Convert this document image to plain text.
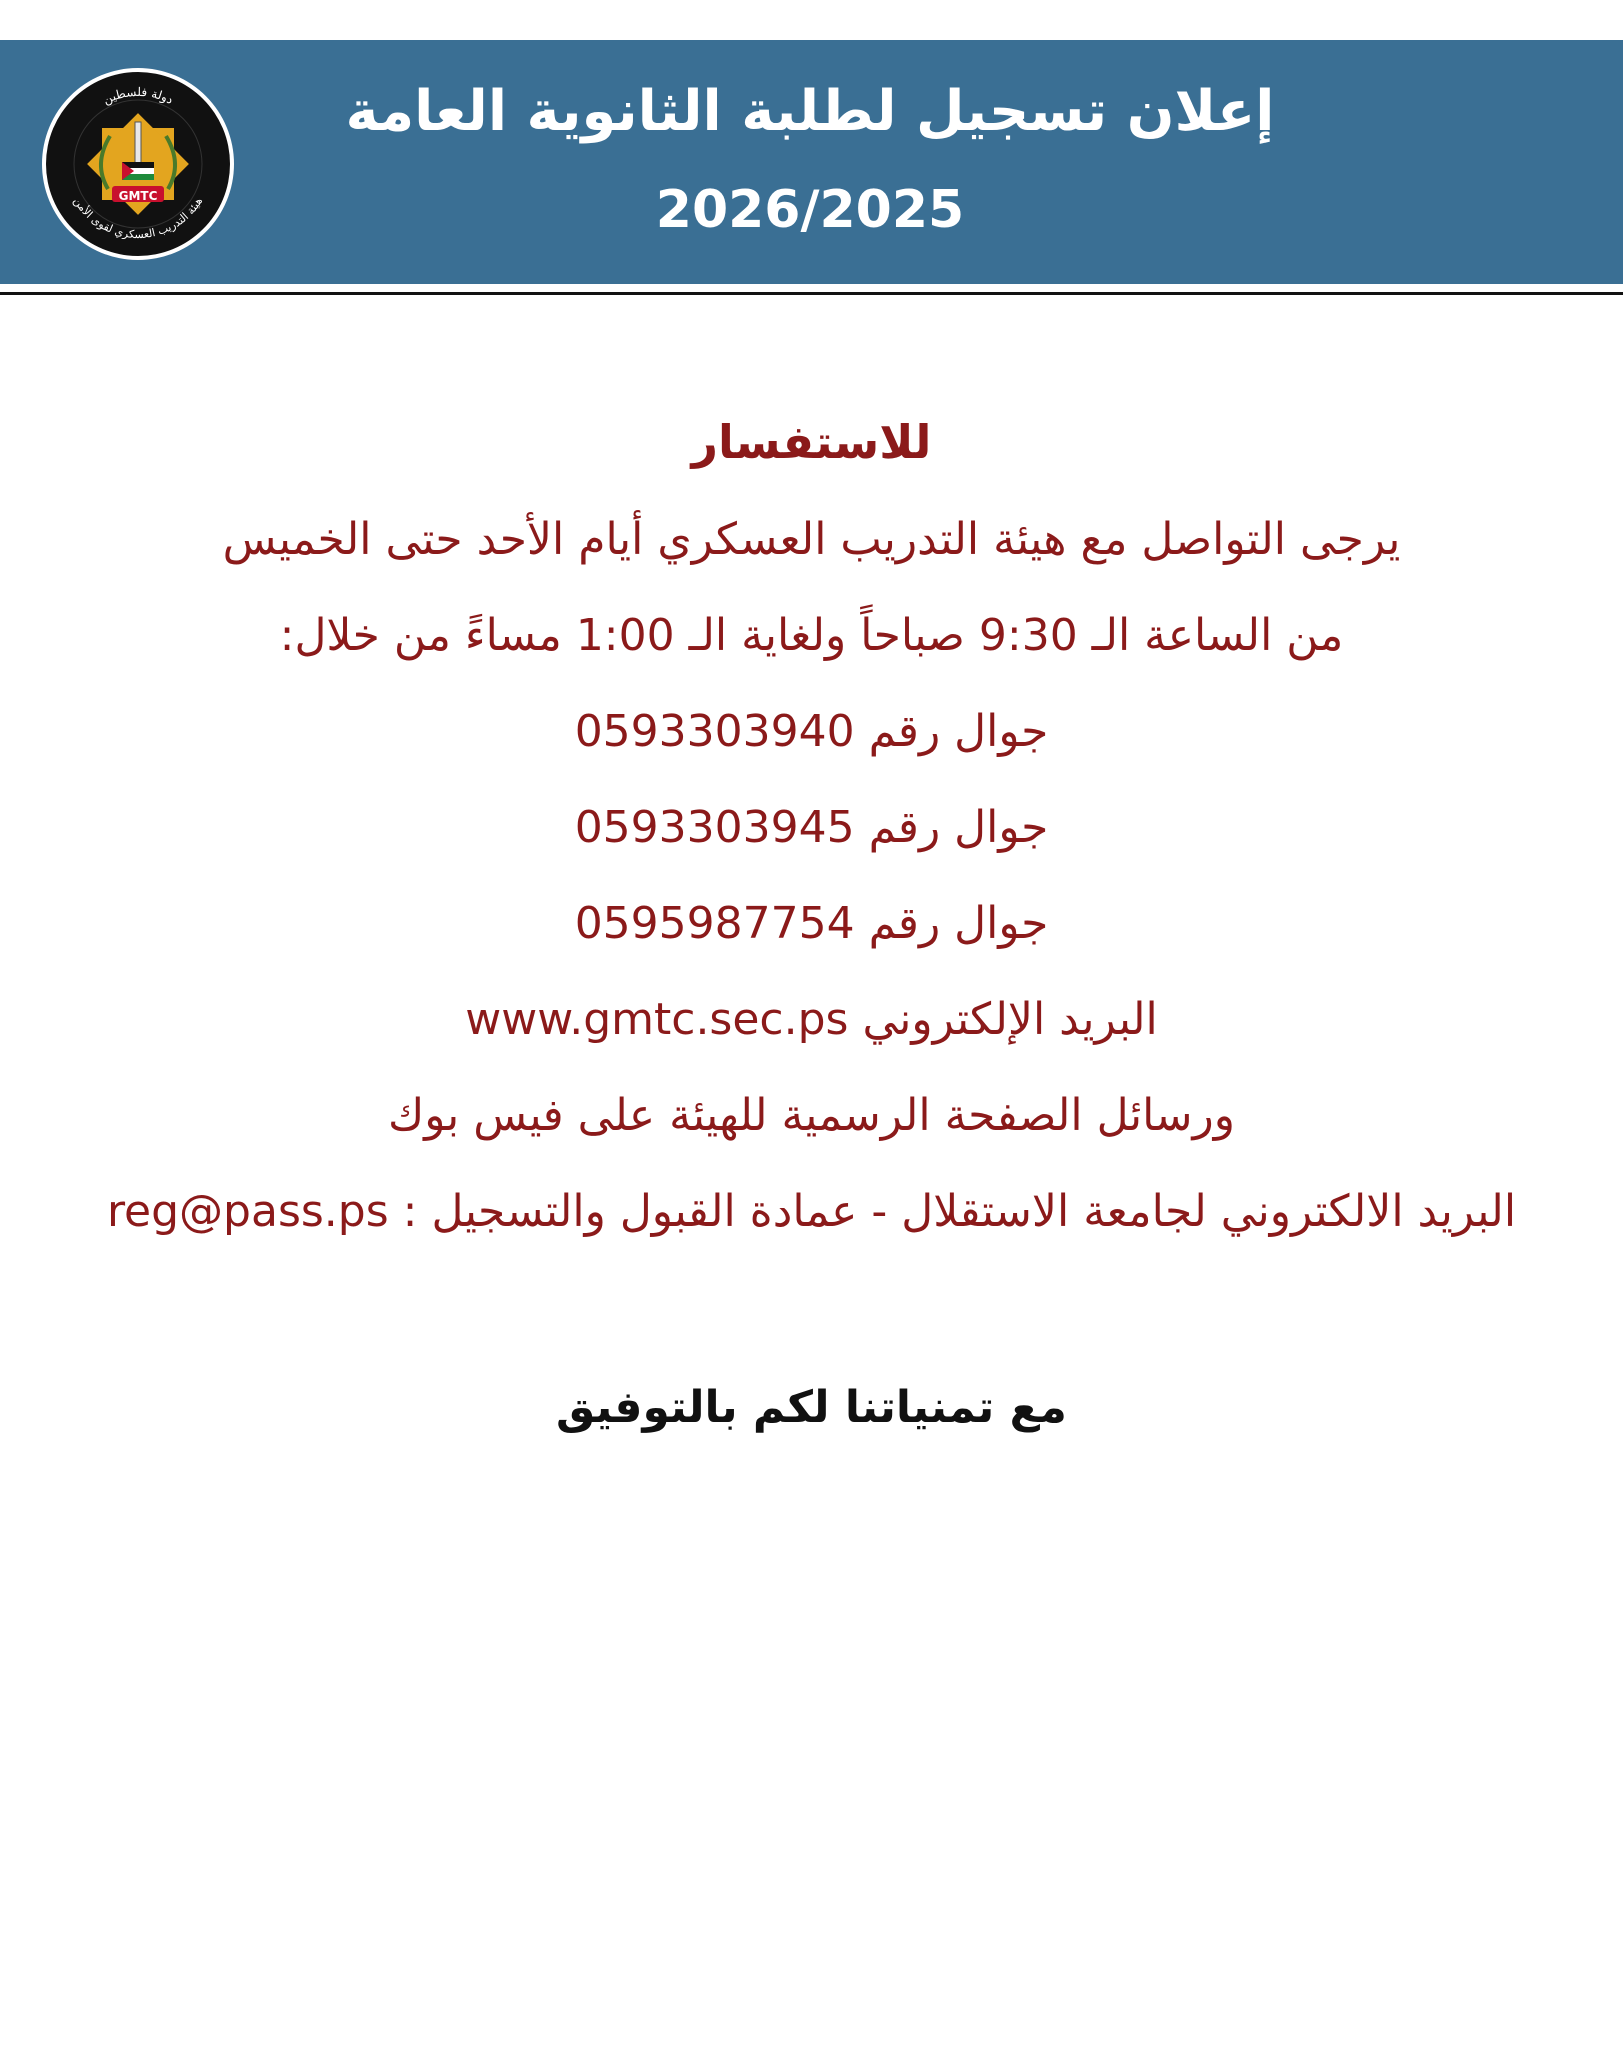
إعلان تسجيل لطلبة الثانوية العامة
2026/2025
GMTC
دولة فلسطين
هيئة التدريب العسكري لقوى الأمن
للاستفسار
يرجى التواصل مع هيئة التدريب العسكري أيام الأحد حتى الخميس
من الساعة الـ 9:30 صباحاً ولغاية الـ 1:00 مساءً من خلال:
جوال رقم 0593303940
جوال رقم 0593303945
جوال رقم 0595987754
البريد الإلكتروني www.gmtc.sec.ps
ورسائل الصفحة الرسمية للهيئة على فيس بوك
البريد الالكتروني لجامعة الاستقلال - عمادة القبول والتسجيل : reg@pass.ps
مع تمنياتنا لكم بالتوفيق
